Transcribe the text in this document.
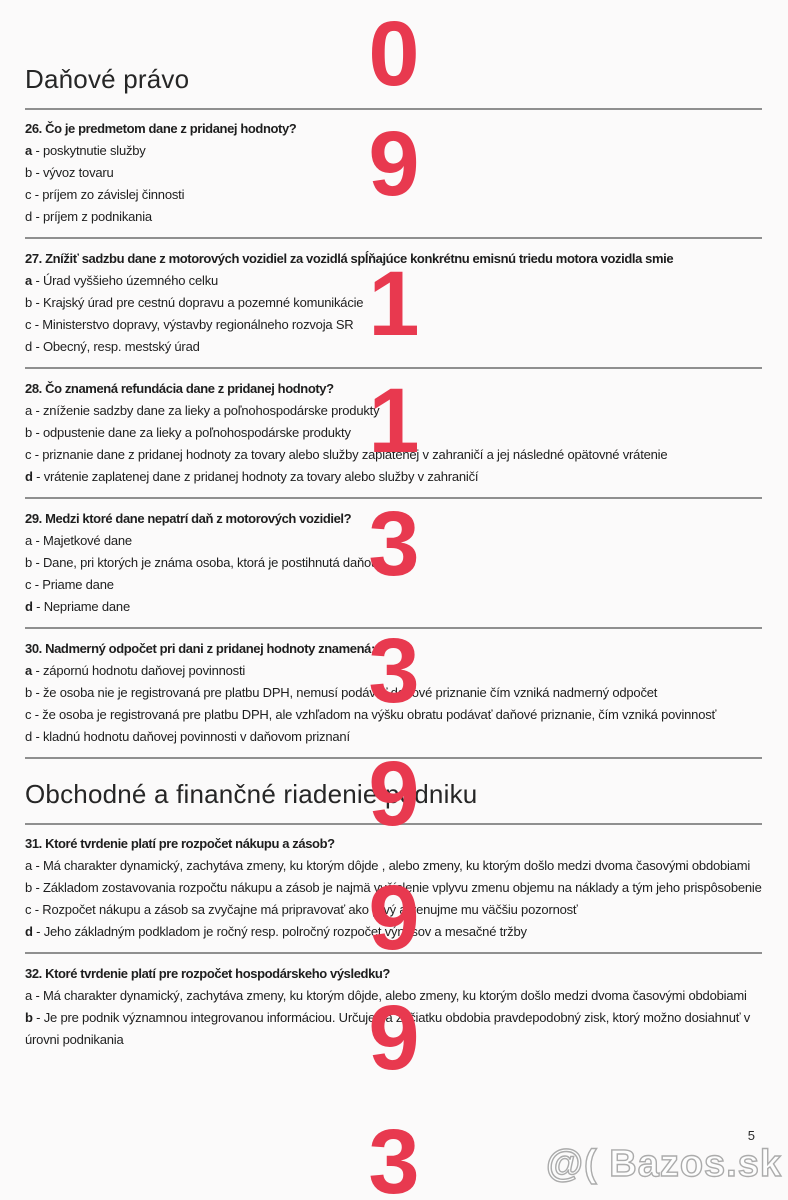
Daňové právo
26. Čo je predmetom dane z pridanej hodnoty?
a - poskytnutie služby
b - vývoz tovaru
c - príjem zo závislej činnosti
d - príjem z podnikania
27. Znížiť sadzbu dane z motorových vozidiel za vozidlá spĺňajúce konkrétnu emisnú triedu motora vozidla smie
a - Úrad vyššieho územného celku
b - Krajský úrad pre cestnú dopravu a pozemné komunikácie
c - Ministerstvo dopravy, výstavby regionálneho rozvoja SR
d - Obecný, resp. mestský úrad
28. Čo znamená refundácia dane z pridanej hodnoty?
a - zníženie sadzby dane za lieky a poľnohospodárske produkty
b - odpustenie dane za lieky a poľnohospodárske produkty
c - priznanie dane z pridanej hodnoty za tovary alebo služby zaplatenej v zahraničí a jej následné opätovné vrátenie
d - vrátenie zaplatenej dane z pridanej hodnoty za tovary alebo služby v zahraničí
29. Medzi ktoré dane nepatrí daň z motorových vozidiel?
a - Majetkové dane
b - Dane, pri ktorých je známa osoba, ktorá je postihnutá daňou
c - Priame dane
d - Nepriame dane
30. Nadmerný odpočet pri dani z pridanej hodnoty znamená:
a - zápornú hodnotu daňovej povinnosti
b - že osoba nie je registrovaná pre platbu DPH, nemusí podávať daňové priznanie čím vzniká nadmerný odpočet
c - že osoba je registrovaná pre platbu DPH, ale vzhľadom na výšku obratu podávať daňové priznanie, čím vzniká povinnosť
d - kladnú hodnotu daňovej povinnosti v daňovom priznaní
Obchodné a finančné riadenie podniku
31. Ktoré tvrdenie platí pre rozpočet nákupu a zásob?
a - Má charakter dynamický, zachytáva zmeny, ku ktorým dôjde , alebo zmeny, ku ktorým došlo medzi dvoma časovými obdobiami
b - Základom zostavovania rozpočtu nákupu a zásob je najmä vyčíslenie vplyvu zmenu objemu na náklady a tým jeho prispôsobenie
c - Rozpočet nákupu a zásob sa zvyčajne má pripravovať ako prvý a venujme mu väčšiu pozornosť
d - Jeho základným podkladom je ročný resp. polročný rozpočet výnosov a mesačné tržby
32. Ktoré tvrdenie platí pre rozpočet hospodárskeho výsledku?
a - Má charakter dynamický, zachytáva zmeny, ku ktorým dôjde, alebo zmeny, ku ktorým došlo medzi dvoma časovými obdobiami
b - Je pre podnik významnou integrovanou informáciou. Určuje na začiatku obdobia pravdepodobný zisk, ktorý možno dosiahnuť v úrovni podnikania
0
9
1
1
3
3
9
9
9
3	5
@( Bazos.sk
